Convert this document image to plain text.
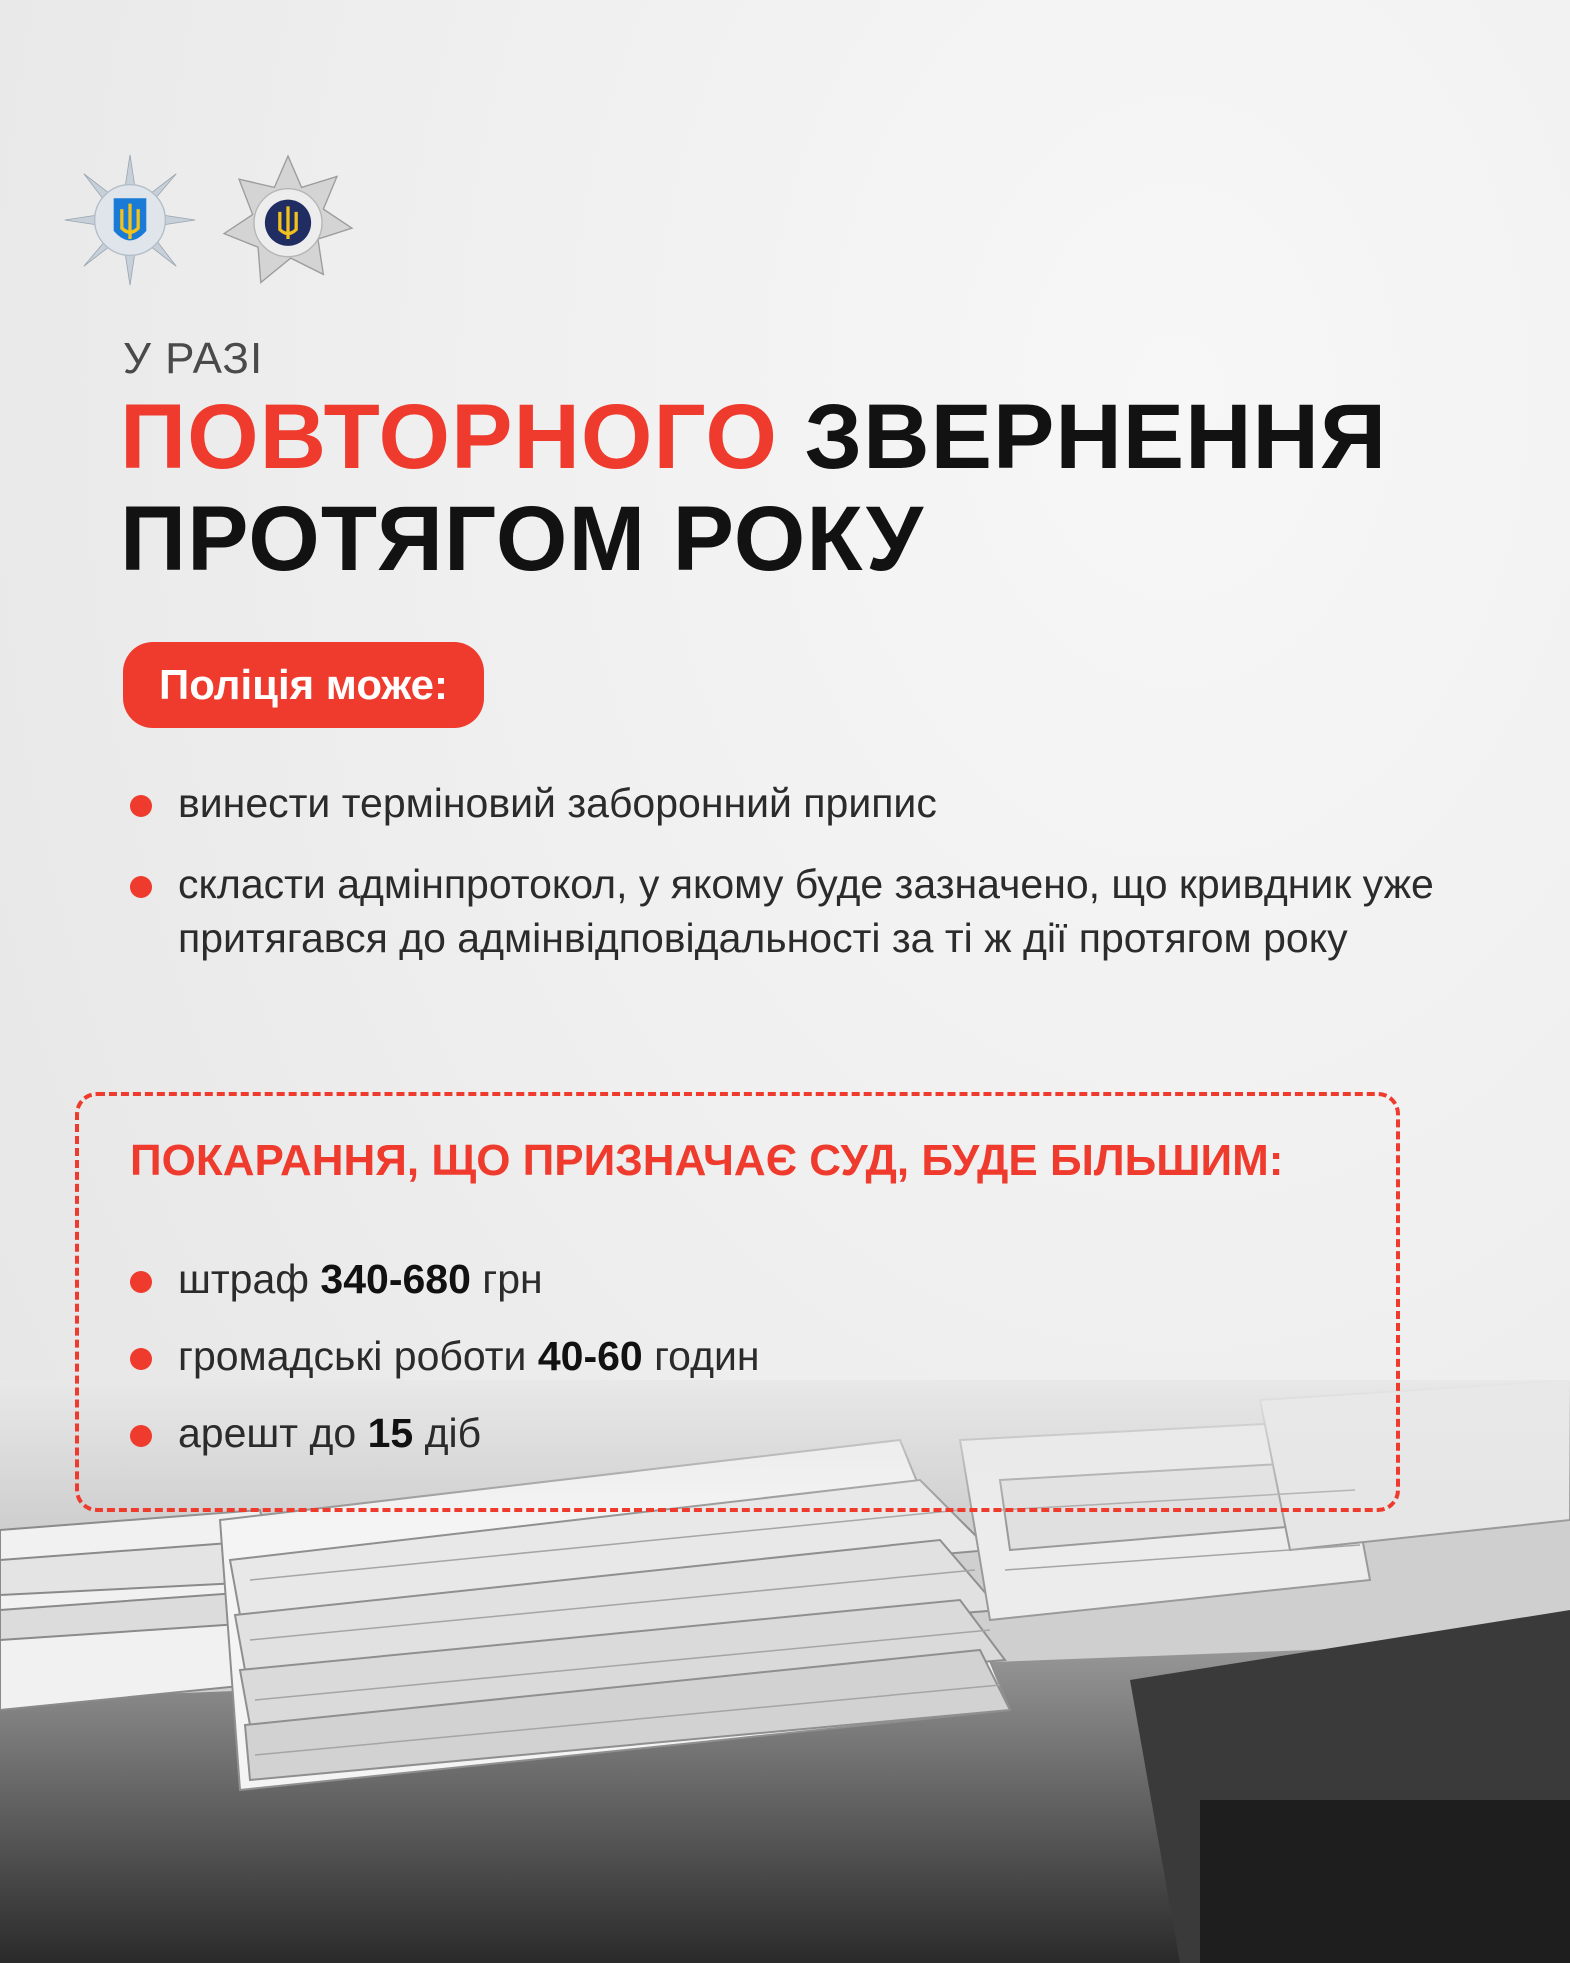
У РАЗІ
ПОВТОРНОГО ЗВЕРНЕННЯ
ПРОТЯГОМ РОКУ
Поліція може:
винести терміновий заборонний припис
скласти адмінпротокол, у якому буде зазначено, що кривдник уже притягався до адмінвідповідальності за ті ж дії протягом року
ПОКАРАННЯ, ЩО ПРИЗНАЧАЄ СУД, БУДЕ БІЛЬШИМ:
штраф 340-680 грн
громадські роботи 40-60 годин
арешт до 15 діб
